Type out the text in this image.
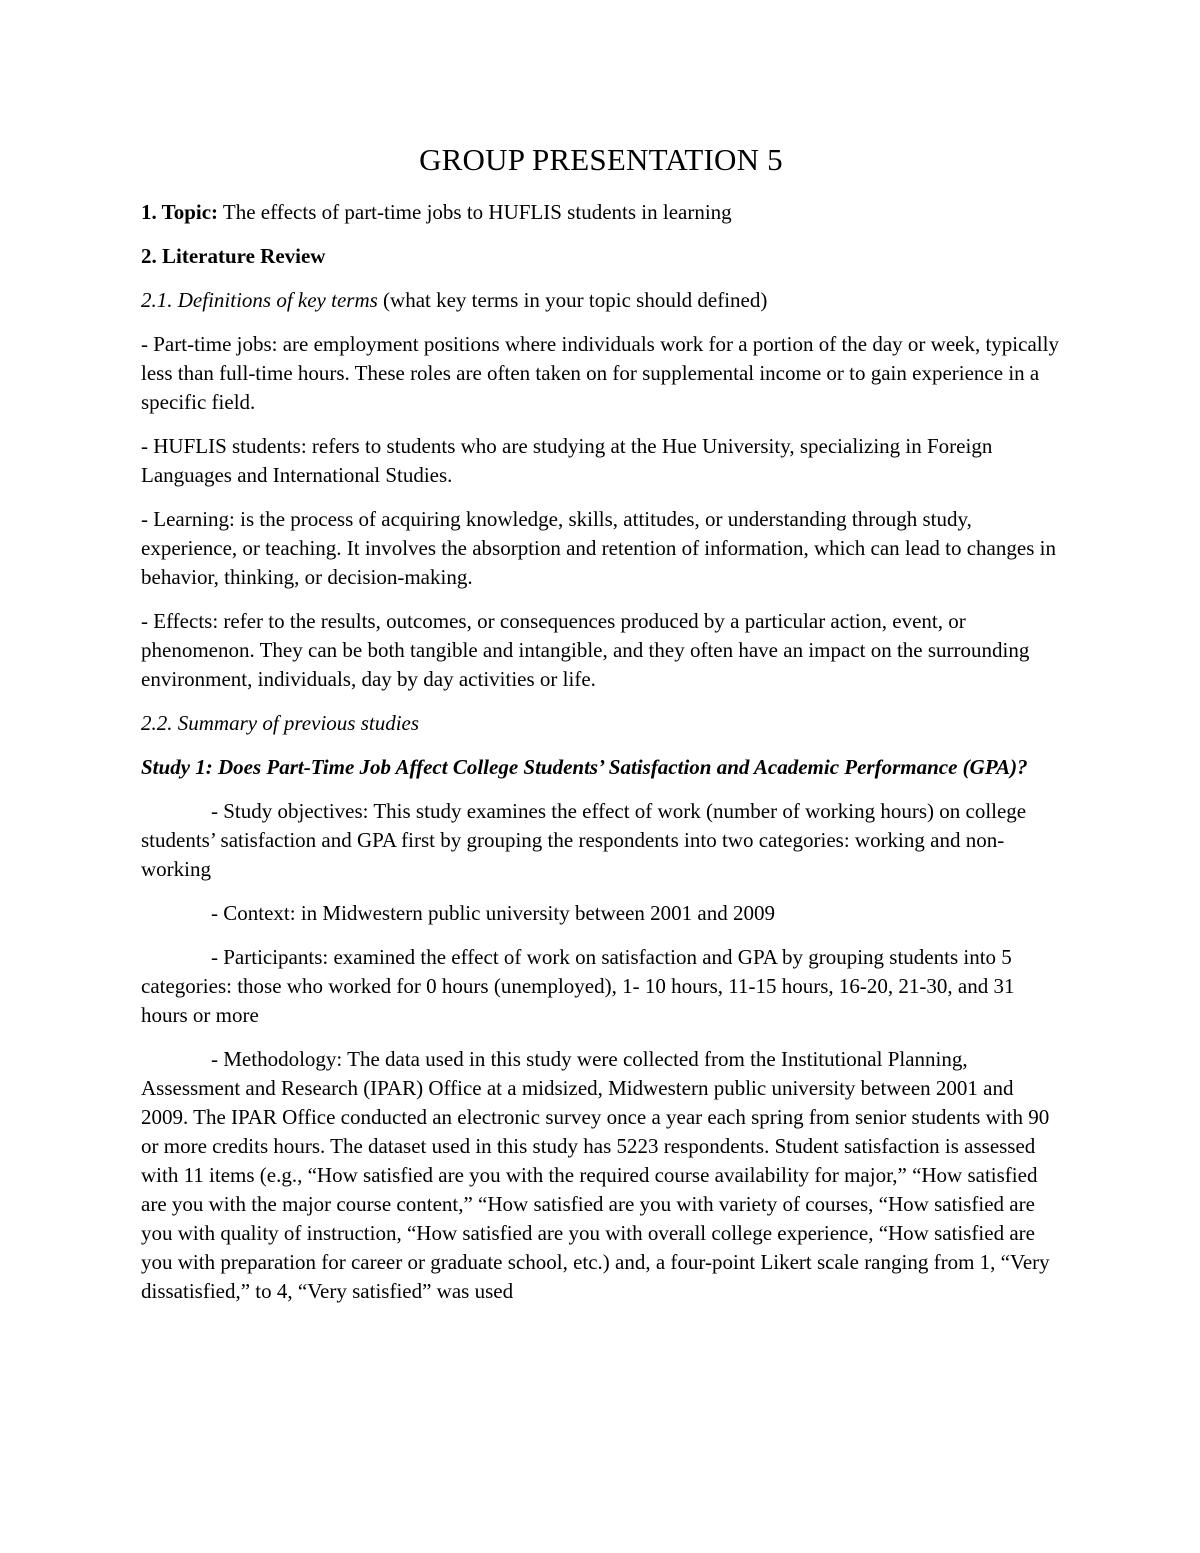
GROUP PRESENTATION 5

1. Topic: The effects of part-time jobs to HUFLIS students in learning

2. Literature Review

2.1. Definitions of key terms (what key terms in your topic should defined)

- Part-time jobs: are employment positions where individuals work for a portion of the day or week, typically less than full-time hours. These roles are often taken on for supplemental income or to gain experience in a specific field.

- HUFLIS students: refers to students who are studying at the Hue University, specializing in Foreign Languages and International Studies.

- Learning: is the process of acquiring knowledge, skills, attitudes, or understanding through study, experience, or teaching. It involves the absorption and retention of information, which can lead to changes in behavior, thinking, or decision-making.

- Effects: refer to the results, outcomes, or consequences produced by a particular action, event, or phenomenon. They can be both tangible and intangible, and they often have an impact on the surrounding environment, individuals, day by day activities or life.

2.2. Summary of previous studies

Study 1: Does Part-Time Job Affect College Students’ Satisfaction and Academic Performance (GPA)?

- Study objectives: This study examines the effect of work (number of working hours) on college students’ satisfaction and GPA first by grouping the respondents into two categories: working and non-working

- Context: in Midwestern public university between 2001 and 2009

- Participants: examined the effect of work on satisfaction and GPA by grouping students into 5 categories: those who worked for 0 hours (unemployed), 1- 10 hours, 11-15 hours, 16-20, 21-30, and 31 hours or more

- Methodology: The data used in this study were collected from the Institutional Planning, Assessment and Research (IPAR) Office at a midsized, Midwestern public university between 2001 and 2009. The IPAR Office conducted an electronic survey once a year each spring from senior students with 90 or more credits hours. The dataset used in this study has 5223 respondents. Student satisfaction is assessed with 11 items (e.g., “How satisfied are you with the required course availability for major,” “How satisfied are you with the major course content,” “How satisfied are you with variety of courses, “How satisfied are you with quality of instruction, “How satisfied are you with overall college experience, “How satisfied are you with preparation for career or graduate school, etc.) and, a four-point Likert scale ranging from 1, “Very dissatisfied,” to 4, “Very satisfied” was used
